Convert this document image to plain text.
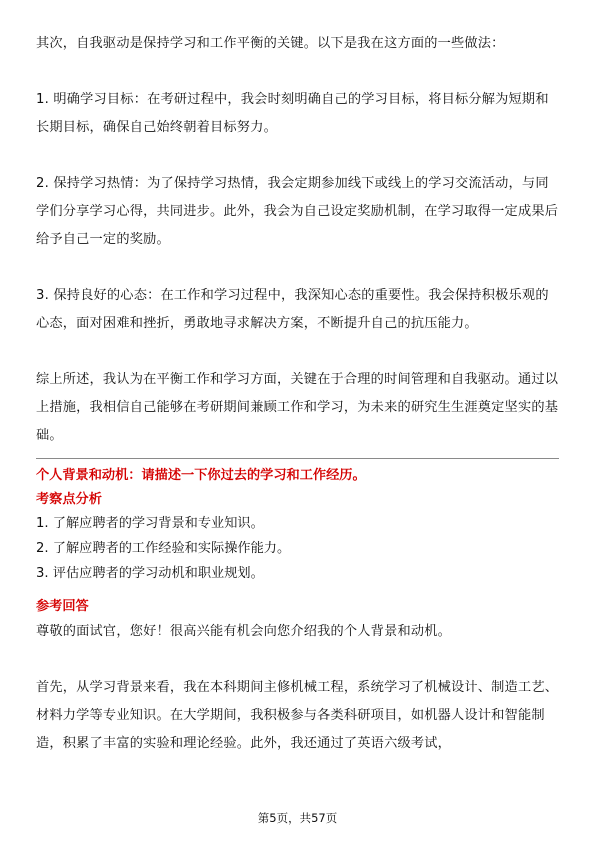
其次，自我驱动是保持学习和工作平衡的关键。以下是我在这方面的一些做法：

1. 明确学习目标：在考研过程中，我会时刻明确自己的学习目标，将目标分解为短期和长期目标，确保自己始终朝着目标努力。

2. 保持学习热情：为了保持学习热情，我会定期参加线下或线上的学习交流活动，与同学们分享学习心得，共同进步。此外，我会为自己设定奖励机制，在学习取得一定成果后给予自己一定的奖励。

3. 保持良好的心态：在工作和学习过程中，我深知心态的重要性。我会保持积极乐观的心态，面对困难和挫折，勇敢地寻求解决方案，不断提升自己的抗压能力。

综上所述，我认为在平衡工作和学习方面，关键在于合理的时间管理和自我驱动。通过以上措施，我相信自己能够在考研期间兼顾工作和学习，为未来的研究生生涯奠定坚实的基础。

个人背景和动机：请描述一下你过去的学习和工作经历。

考察点分析

1. 了解应聘者的学习背景和专业知识。

2. 了解应聘者的工作经验和实际操作能力。

3. 评估应聘者的学习动机和职业规划。

参考回答

尊敬的面试官，您好！很高兴能有机会向您介绍我的个人背景和动机。

首先，从学习背景来看，我在本科期间主修机械工程，系统学习了机械设计、制造工艺、材料力学等专业知识。在大学期间，我积极参与各类科研项目，如机器人设计和智能制造，积累了丰富的实验和理论经验。此外，我还通过了英语六级考试，

第5页，共57页
